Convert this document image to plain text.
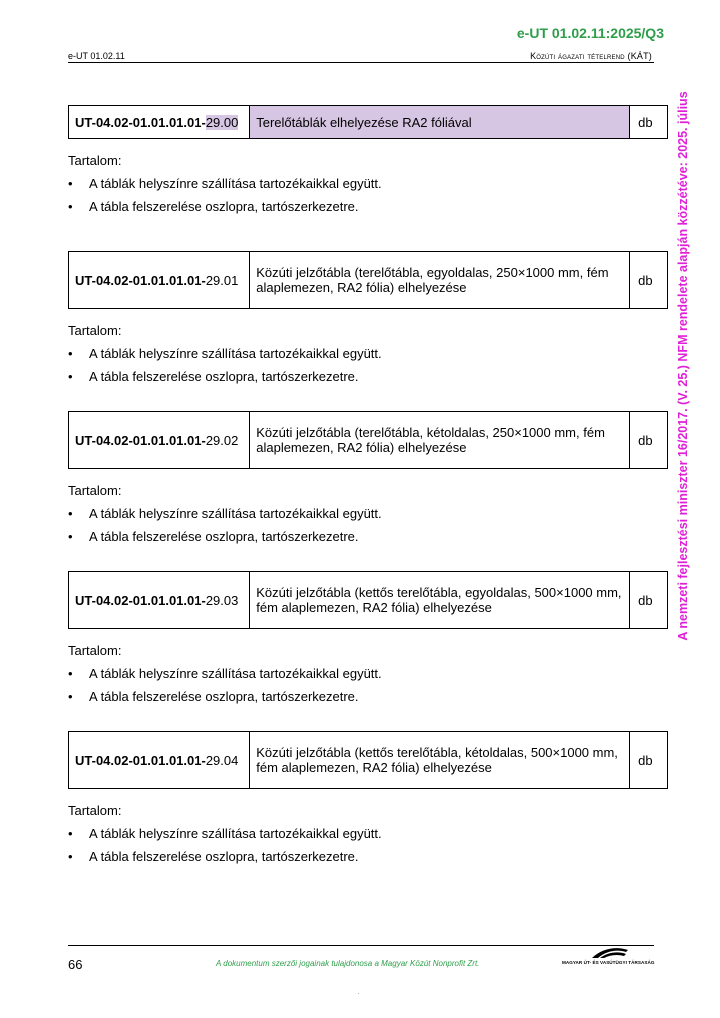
e-UT 01.02.11:2025/Q3
e-UT 01.02.11	Közúti ágazati tételrend (KÁT)
A nemzeti fejlesztési miniszter 16/2017. (V. 25.) NFM rendelete alapján közzétéve: 2025. július
UT-04.02-01.01.01.01-29.00	Terelőtáblák elhelyezése RA2 fóliával	db
Tartalom:
• A táblák helyszínre szállítása tartozékaikkal együtt.
• A tábla felszerelése oszlopra, tartószerkezetre.
UT-04.02-01.01.01.01-29.01	Közúti jelzőtábla (terelőtábla, egyoldalas, 250×1000 mm, fém alaplemezen, RA2 fólia) elhelyezése	db
Tartalom:
• A táblák helyszínre szállítása tartozékaikkal együtt.
• A tábla felszerelése oszlopra, tartószerkezetre.
UT-04.02-01.01.01.01-29.02	Közúti jelzőtábla (terelőtábla, kétoldalas, 250×1000 mm, fém alaplemezen, RA2 fólia) elhelyezése	db
Tartalom:
• A táblák helyszínre szállítása tartozékaikkal együtt.
• A tábla felszerelése oszlopra, tartószerkezetre.
UT-04.02-01.01.01.01-29.03	Közúti jelzőtábla (kettős terelőtábla, egyoldalas, 500×1000 mm, fém alaplemezen, RA2 fólia) elhelyezése	db
Tartalom:
• A táblák helyszínre szállítása tartozékaikkal együtt.
• A tábla felszerelése oszlopra, tartószerkezetre.
UT-04.02-01.01.01.01-29.04	Közúti jelzőtábla (kettős terelőtábla, kétoldalas, 500×1000 mm, fém alaplemezen, RA2 fólia) elhelyezése	db
Tartalom:
• A táblák helyszínre szállítása tartozékaikkal együtt.
• A tábla felszerelése oszlopra, tartószerkezetre.
66	A dokumentum szerzői jogainak tulajdonosa a Magyar Közút Nonprofit Zrt.	MAGYAR ÚT- ÉS VASÚTÜGYI TÁRSASÁG
